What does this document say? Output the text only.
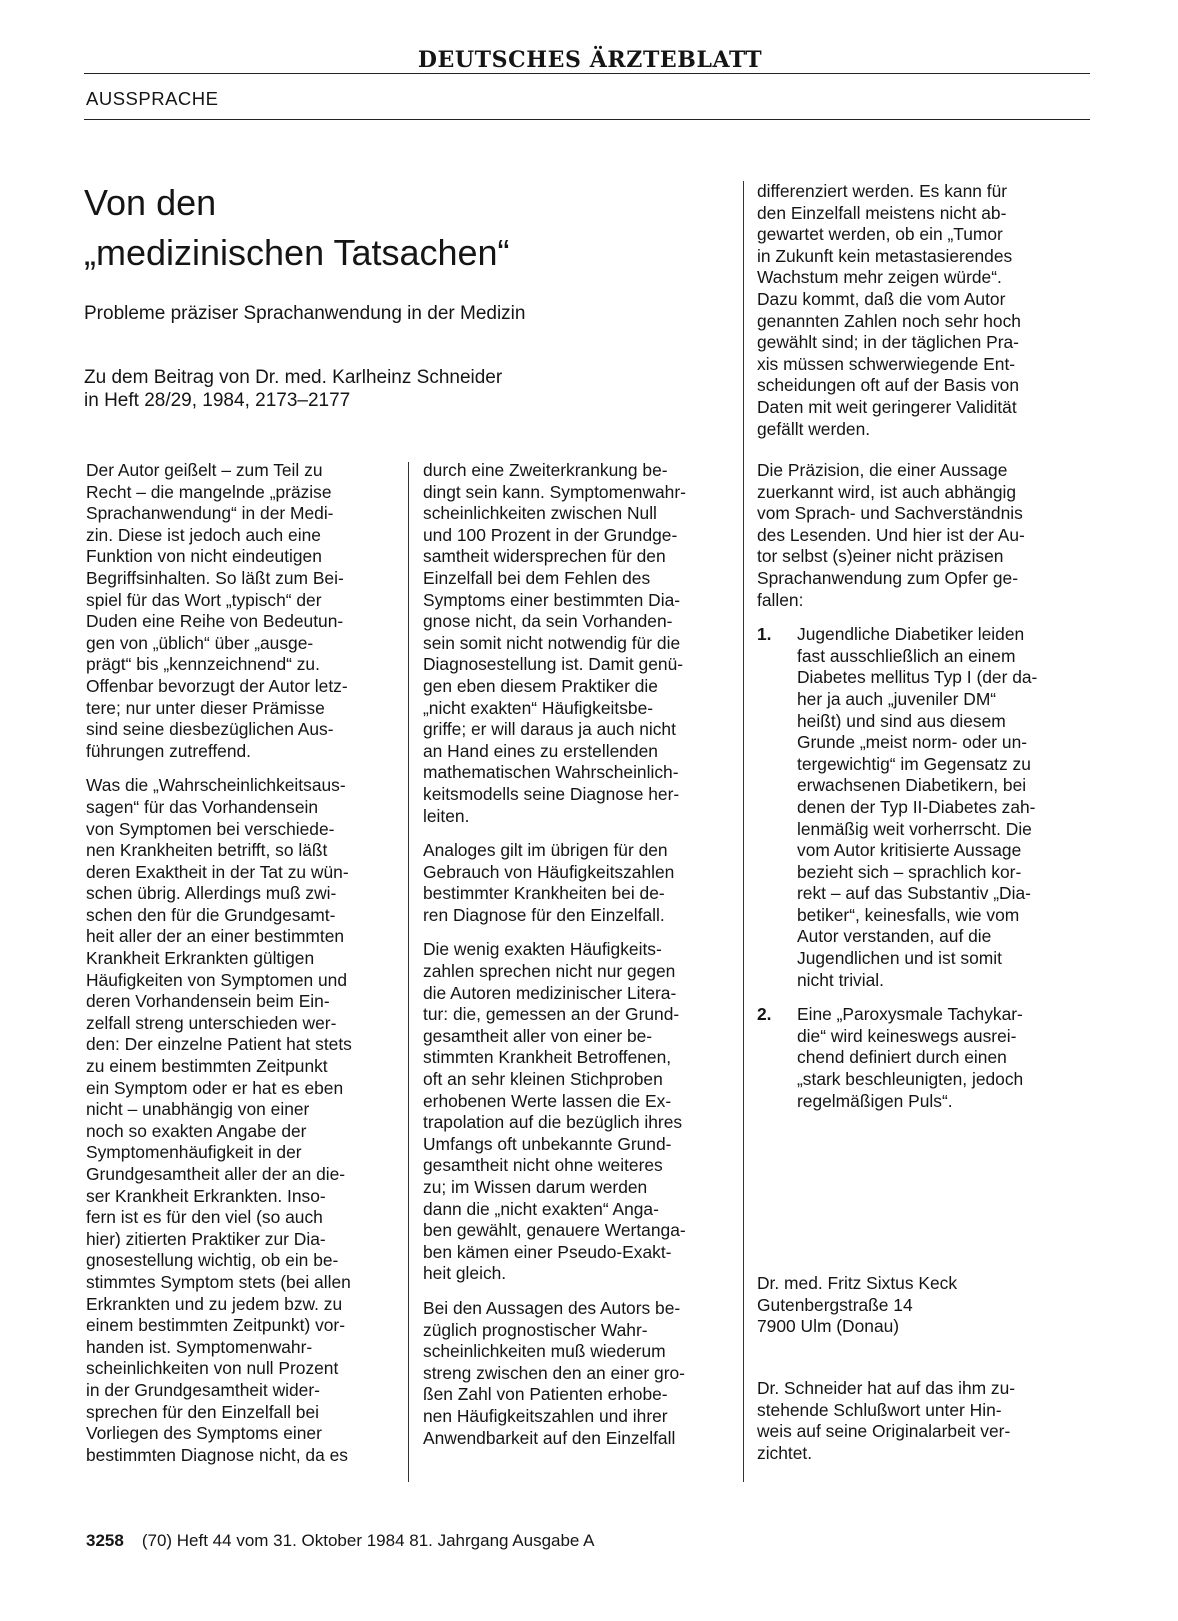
DEUTSCHES ÄRZTEBLATT
AUSSPRACHE
Von den
„medizinischen Tatsachen“
Probleme präziser Sprachanwendung in der Medizin
Zu dem Beitrag von Dr. med. Karlheinz Schneider
in Heft 28/29, 1984, 2173–2177
Der Autor geißelt – zum Teil zu
Recht – die mangelnde „präzise
Sprachanwendung“ in der Medi-
zin. Diese ist jedoch auch eine
Funktion von nicht eindeutigen
Begriffsinhalten. So läßt zum Bei-
spiel für das Wort „typisch“ der
Duden eine Reihe von Bedeutun-
gen von „üblich“ über „ausge-
prägt“ bis „kennzeichnend“ zu.
Offenbar bevorzugt der Autor letz-
tere; nur unter dieser Prämisse
sind seine diesbezüglichen Aus-
führungen zutreffend.
Was die „Wahrscheinlichkeitsaus-
sagen“ für das Vorhandensein
von Symptomen bei verschiede-
nen Krankheiten betrifft, so läßt
deren Exaktheit in der Tat zu wün-
schen übrig. Allerdings muß zwi-
schen den für die Grundgesamt-
heit aller der an einer bestimmten
Krankheit Erkrankten gültigen
Häufigkeiten von Symptomen und
deren Vorhandensein beim Ein-
zelfall streng unterschieden wer-
den: Der einzelne Patient hat stets
zu einem bestimmten Zeitpunkt
ein Symptom oder er hat es eben
nicht – unabhängig von einer
noch so exakten Angabe der
Symptomenhäufigkeit in der
Grundgesamtheit aller der an die-
ser Krankheit Erkrankten. Inso-
fern ist es für den viel (so auch
hier) zitierten Praktiker zur Dia-
gnosestellung wichtig, ob ein be-
stimmtes Symptom stets (bei allen
Erkrankten und zu jedem bzw. zu
einem bestimmten Zeitpunkt) vor-
handen ist. Symptomenwahr-
scheinlichkeiten von null Prozent
in der Grundgesamtheit wider-
sprechen für den Einzelfall bei
Vorliegen des Symptoms einer
bestimmten Diagnose nicht, da es
durch eine Zweiterkrankung be-
dingt sein kann. Symptomenwahr-
scheinlichkeiten zwischen Null
und 100 Prozent in der Grundge-
samtheit widersprechen für den
Einzelfall bei dem Fehlen des
Symptoms einer bestimmten Dia-
gnose nicht, da sein Vorhanden-
sein somit nicht notwendig für die
Diagnosestellung ist. Damit genü-
gen eben diesem Praktiker die
„nicht exakten“ Häufigkeitsbe-
griffe; er will daraus ja auch nicht
an Hand eines zu erstellenden
mathematischen Wahrscheinlich-
keitsmodells seine Diagnose her-
leiten.
Analoges gilt im übrigen für den
Gebrauch von Häufigkeitszahlen
bestimmter Krankheiten bei de-
ren Diagnose für den Einzelfall.
Die wenig exakten Häufigkeits-
zahlen sprechen nicht nur gegen
die Autoren medizinischer Litera-
tur: die, gemessen an der Grund-
gesamtheit aller von einer be-
stimmten Krankheit Betroffenen,
oft an sehr kleinen Stichproben
erhobenen Werte lassen die Ex-
trapolation auf die bezüglich ihres
Umfangs oft unbekannte Grund-
gesamtheit nicht ohne weiteres
zu; im Wissen darum werden
dann die „nicht exakten“ Anga-
ben gewählt, genauere Wertanga-
ben kämen einer Pseudo-Exakt-
heit gleich.
Bei den Aussagen des Autors be-
züglich prognostischer Wahr-
scheinlichkeiten muß wiederum
streng zwischen den an einer gro-
ßen Zahl von Patienten erhobe-
nen Häufigkeitszahlen und ihrer
Anwendbarkeit auf den Einzelfall
differenziert werden. Es kann für
den Einzelfall meistens nicht ab-
gewartet werden, ob ein „Tumor
in Zukunft kein metastasierendes
Wachstum mehr zeigen würde“.
Dazu kommt, daß die vom Autor
genannten Zahlen noch sehr hoch
gewählt sind; in der täglichen Pra-
xis müssen schwerwiegende Ent-
scheidungen oft auf der Basis von
Daten mit weit geringerer Validität
gefällt werden.
Die Präzision, die einer Aussage
zuerkannt wird, ist auch abhängig
vom Sprach- und Sachverständnis
des Lesenden. Und hier ist der Au-
tor selbst (s)einer nicht präzisen
Sprachanwendung zum Opfer ge-
fallen:
1.	Jugendliche Diabetiker leiden
fast ausschließlich an einem
Diabetes mellitus Typ I (der da-
her ja auch „juveniler DM“
heißt) und sind aus diesem
Grunde „meist norm- oder un-
tergewichtig“ im Gegensatz zu
erwachsenen Diabetikern, bei
denen der Typ II-Diabetes zah-
lenmäßig weit vorherrscht. Die
vom Autor kritisierte Aussage
bezieht sich – sprachlich kor-
rekt – auf das Substantiv „Dia-
betiker“, keinesfalls, wie vom
Autor verstanden, auf die
Jugendlichen und ist somit
nicht trivial.
2.	Eine „Paroxysmale Tachykar-
die“ wird keineswegs ausrei-
chend definiert durch einen
„stark beschleunigten, jedoch
regelmäßigen Puls“.
Dr. med. Fritz Sixtus Keck
Gutenbergstraße 14
7900 Ulm (Donau)
Dr. Schneider hat auf das ihm zu-
stehende Schlußwort unter Hin-
weis auf seine Originalarbeit ver-
zichtet.
3258 (70) Heft 44 vom 31. Oktober 1984 81. Jahrgang Ausgabe A
